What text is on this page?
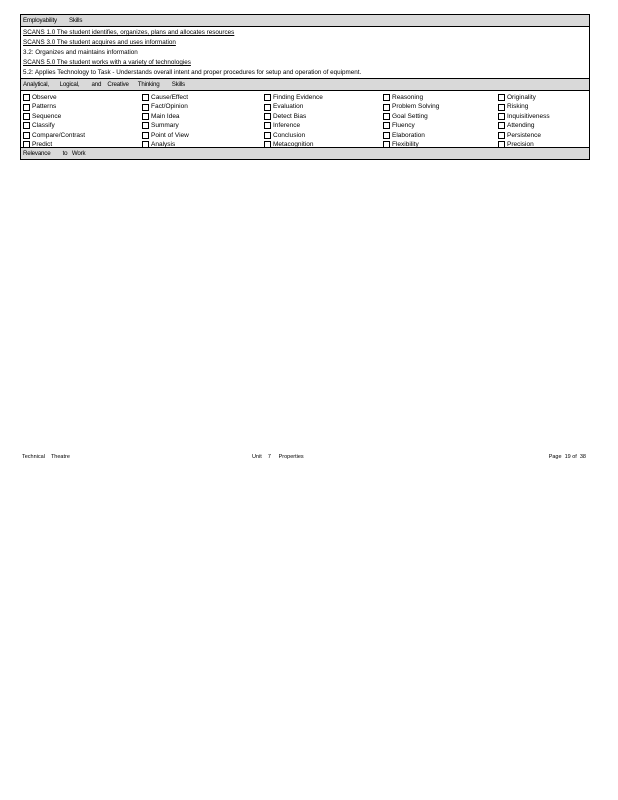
Employability        Skills
SCANS 1.0 The student identifies, organizes, plans and allocates resources
SCANS 3.0 The student acquires and uses information
3.2: Organizes and maintains information
SCANS 5.0 The student works with a variety of technologies
5.2: Applies Technology to Task - Understands overall intent and proper procedures for setup and operation of equipment.
Analytical,       Logical,        and    Creative      Thinking        Skills
Observe
Patterns
Sequence
Classify
Compare/Contrast
Predict
Cause/Effect
Fact/Opinion
Main Idea
Summary
Point of View
Analysis
Finding Evidence
Evaluation
Detect Bias
Inference
Conclusion
Metacognition
Reasoning
Problem Solving
Goal Setting
Fluency
Elaboration
Flexibility
Originality
Risking
Inquisitiveness
Attending
Persistence
Precision
Relevance        to   Work

Technical    Theatre

	Unit    7     Properties

	Page  19 of  38
